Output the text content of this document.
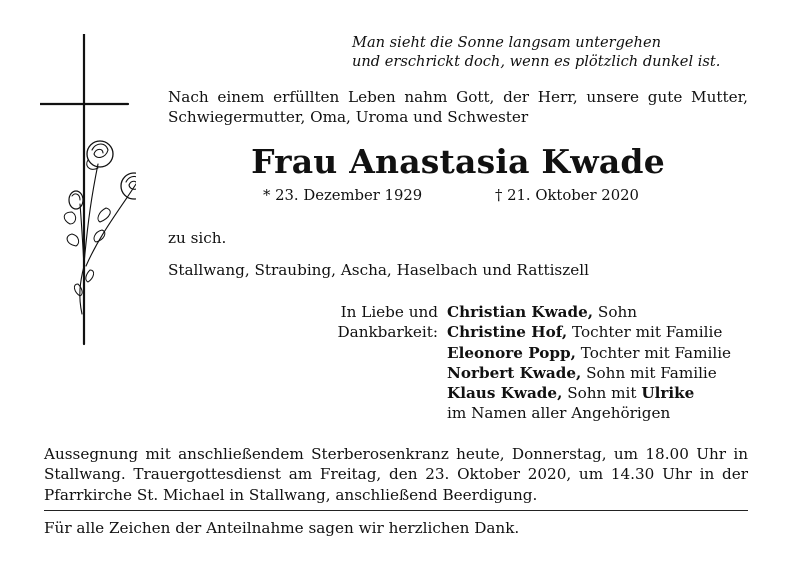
Man sieht die Sonne langsam untergehen
und erschrickt doch, wenn es plötzlich dunkel ist.
Nach einem erfüllten Leben nahm Gott, der Herr, unsere gute Mutter, Schwiegermutter, Oma, Uroma und Schwester
Frau Anastasia Kwade
* 23. Dezember 1929	† 21. Oktober 2020
zu sich.
Stallwang, Straubing, Ascha, Haselbach und Rattiszell
In Liebe und
Dankbarkeit:
Christian Kwade, Sohn
Christine Hof, Tochter mit Familie
Eleonore Popp, Tochter mit Familie
Norbert Kwade, Sohn mit Familie
Klaus Kwade, Sohn mit Ulrike
im Namen aller Angehörigen
Aussegnung mit anschließendem Sterberosenkranz heute, Donnerstag, um 18.00 Uhr in Stallwang. Trauergottesdienst am Freitag, den 23. Oktober 2020, um 14.30 Uhr in der Pfarrkirche St. Michael in Stallwang, anschließend Beerdigung.
Für alle Zeichen der Anteilnahme sagen wir herzlichen Dank.
